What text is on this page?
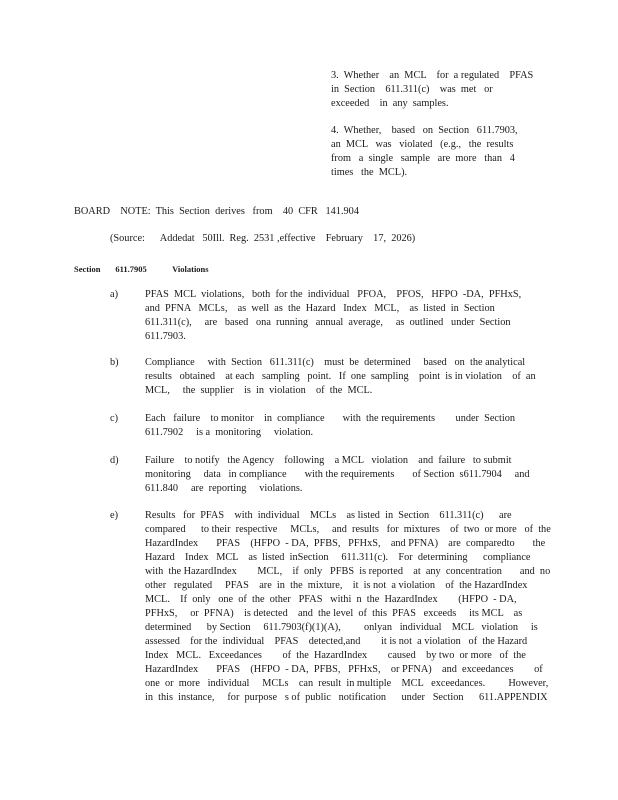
3.  Whether    an  MCL    for  a regulated    PFAS
in  Section    611.311(c)    was  met   or
exceeded    in  any  samples.
4.  Whether,    based   on  Section   611.7903,
an  MCL   was   violated   (e.g.,   the  results
from   a  single   sample   are  more   than   4
times   the  MCL).
BOARD    NOTE:  This  Section  derives   from    40  CFR   141.904
(Source:      Addedat   50Ill.  Reg.  2531 ,effective    February    17,  2026)
Section       611.7905            Violations
a)	PFAS  MCL  violations,   both  for the  individual   PFOA,    PFOS,   HFPO  -DA,  PFHxS,
and  PFNA   MCLs,    as  well  as  the  Hazard   Index   MCL,    as  listed  in  Section
611.311(c),     are   based   ona  running   annual  average,     as  outlined   under  Section
611.7903.
b)	Compliance     with  Section   611.311(c)    must  be  determined     based   on  the analytical
results   obtained    at each   sampling   point.   If  one  sampling    point  is in violation    of  an
MCL,     the  supplier    is  in  violation    of  the  MCL.
c)	Each   failure    to monitor    in  compliance       with  the requirements        under  Section
611.7902     is a  monitoring     violation.
d)	Failure    to notify   the Agency    following    a MCL   violation    and  failure   to submit
monitoring     data   in compliance       with the requirements       of Section  s611.7904     and
611.840     are  reporting     violations.
e)	Results   for  PFAS    with  individual    MCLs    as listed  in  Section    611.311(c)      are
compared      to their  respective     MCLs,     and  results   for  mixtures    of  two  or more   of  the
HazardIndex       PFAS    (HFPO  - DA,  PFBS,   PFHxS,    and PFNA)    are  comparedto       the
Hazard    Index   MCL    as  listed  inSection     611.311(c).    For  determining      compliance
with  the HazardIndex        MCL,    if  only   PFBS  is reported    at  any  concentration       and  no
other   regulated     PFAS    are  in  the  mixture,    it  is not  a violation    of  the HazardIndex
MCL.    If  only   one  of  the  other   PFAS   withi  n  the  HazardIndex        (HFPO  - DA,
PFHxS,     or  PFNA)    is detected    and  the level  of  this  PFAS   exceeds     its MCL    as
determined      by Section     611.7903(f)(1)(A),         onlyan   individual    MCL   violation     is
assessed    for the  individual    PFAS    detected,and        it is not  a violation   of  the Hazard
Index   MCL.   Exceedances        of  the  HazardIndex        caused    by two  or more   of  the
HazardIndex       PFAS    (HFPO  - DA,  PFBS,   PFHxS,    or PFNA)    and  exceedances        of
one  or  more   individual     MCLs    can  result  in multiple    MCL   exceedances.         However,
in  this  instance,     for  purpose   s of  public   notification      under   Section      611.APPENDIX
